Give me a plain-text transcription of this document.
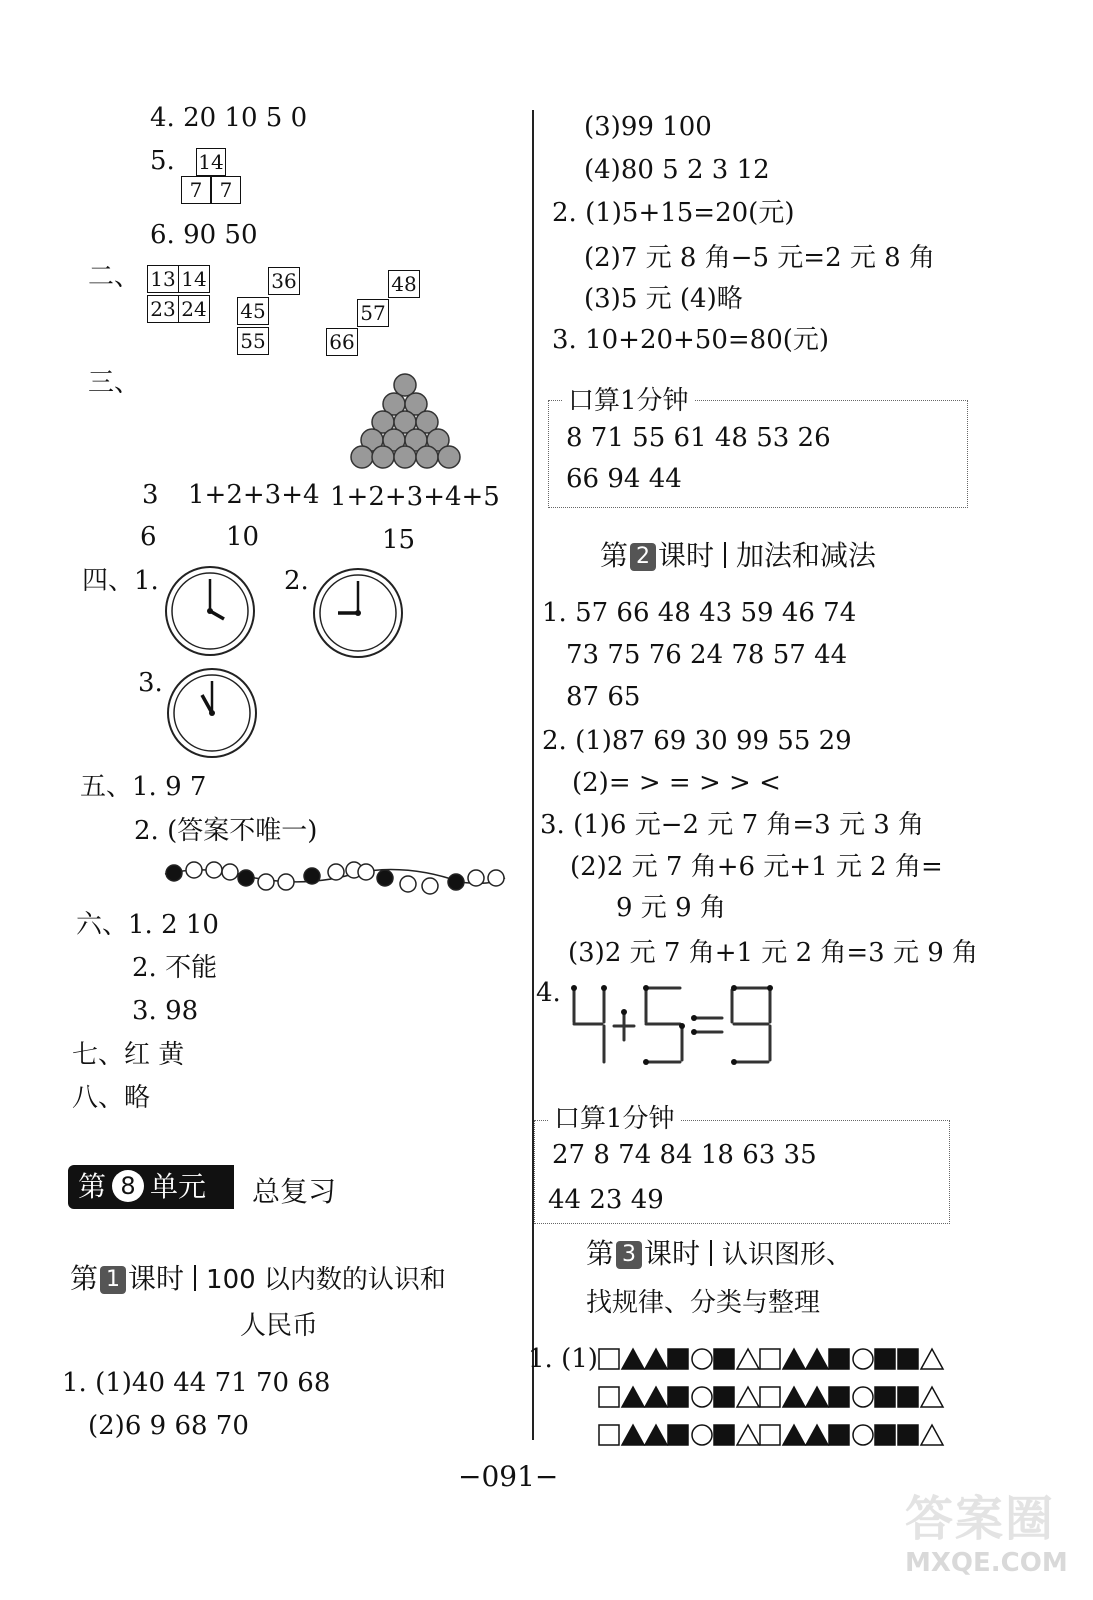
4. 20 10 5 0
5. 14
7 7
6. 90 50
二、 13 14
23 24
36
45
55
48
57
66
三、
3 1+2+3+4 1+2+3+4+5
6	10	15
四、1.	2.
3.
五、1. 9 7
2. (答案不唯一)
六、1. 2 10
2. 不能
3. 98
七、红 黄
八、略
第 8 单元	总复习
第 1 课时 100 以内数的认识和
人民币
1. (1)40 44 71 70 68
(2)6 9 68 70
(3)99 100
(4)80 5 2 3 12
2. (1)5+15=20(元)
(2)7 元 8 角−5 元=2 元 8 角
(3)5 元 (4)略
3. 10+20+50=80(元)
口算1分钟
8 71 55 61 48 53 26
66 94 44
第 2 课时 加法和减法
1. 57 66 48 43 59 46 74
73 75 76 24 78 57 44
87 65
2. (1)87 69 30 99 55 29
(2)= > = > > <
3. (1)6 元−2 元 7 角=3 元 3 角
(2)2 元 7 角+6 元+1 元 2 角=
9 元 9 角
(3)2 元 7 角+1 元 2 角=3 元 9 角
4.
口算1分钟
27 8 74 84 18 63 35
44 23 49
第 3 课时 认识图形、
找规律、分类与整理
1. (1)
−091−
答案圈
MXQE.COM
